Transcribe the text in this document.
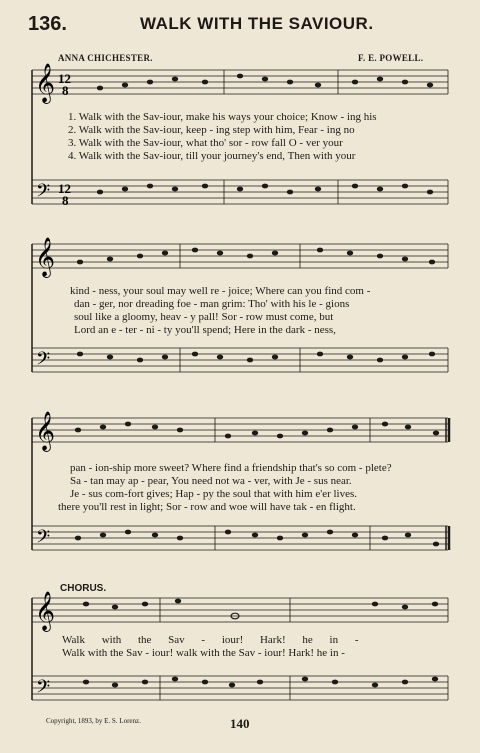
136.	WALK WITH THE SAVIOUR.
ANNA CHICHESTER.	F. E. POWELL.
𝄞 12
8
𝄢 12
8
1. Walk with the Sav-iour, make his ways your choice; Know - ing his
2. Walk with the Sav-iour, keep - ing step with him, Fear - ing no
3. Walk with the Sav-iour, what tho' sor - row fall O - ver your
4. Walk with the Sav-iour, till your journey's end, Then with your
𝄞
𝄢
kind - ness, your soul may well re - joice; Where can you find com -
dan - ger, nor dreading foe - man grim: Tho' with his le - gions
soul like a gloomy, heav - y pall! Sor - row must come, but
Lord an e - ter - ni - ty you'll spend; Here in the dark - ness,
𝄞
𝄢
pan - ion-ship more sweet? Where find a friendship that's so com - plete?
Sa - tan may ap - pear, You need not wa - ver, with Je - sus near.
Je - sus com-fort gives; Hap - py the soul that with him e'er lives.
there you'll rest in light; Sor - row and woe will have tak - en flight.
CHORUS.
𝄞
𝄢
Walk with the Sav - iour! Hark! he in -
Walk with the Sav - iour! walk with the Sav - iour! Hark! he in -
Copyright, 1893, by E. S. Lorenz.	140
